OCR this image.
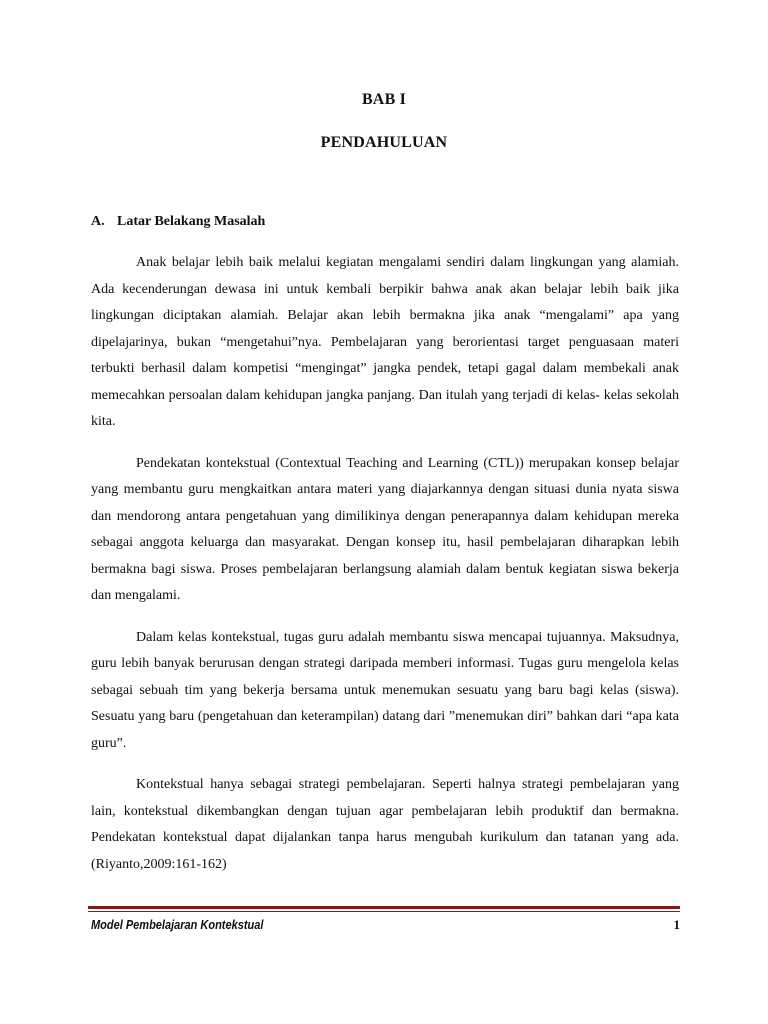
BAB I
PENDAHULUAN
A. Latar Belakang Masalah

Anak belajar lebih baik melalui kegiatan mengalami sendiri dalam lingkungan yang alamiah. Ada kecenderungan dewasa ini untuk kembali berpikir bahwa anak akan belajar lebih baik jika lingkungan diciptakan alamiah. Belajar akan lebih bermakna jika anak “mengalami” apa yang dipelajarinya, bukan “mengetahui”nya. Pembelajaran yang berorientasi target penguasaan materi terbukti berhasil dalam kompetisi “mengingat” jangka pendek, tetapi gagal dalam membekali anak memecahkan persoalan dalam kehidupan jangka panjang. Dan itulah yang terjadi di kelas- kelas sekolah kita.

Pendekatan kontekstual (Contextual Teaching and Learning (CTL)) merupakan konsep belajar yang membantu guru mengkaitkan antara materi yang diajarkannya dengan situasi dunia nyata siswa dan mendorong antara pengetahuan yang dimilikinya dengan penerapannya dalam kehidupan mereka sebagai anggota keluarga dan masyarakat. Dengan konsep itu, hasil pembelajaran diharapkan lebih bermakna bagi siswa. Proses pembelajaran berlangsung alamiah dalam bentuk kegiatan siswa bekerja dan mengalami.

Dalam kelas kontekstual, tugas guru adalah membantu siswa mencapai tujuannya. Maksudnya, guru lebih banyak berurusan dengan strategi daripada memberi informasi. Tugas guru mengelola kelas sebagai sebuah tim yang bekerja bersama untuk menemukan sesuatu yang baru bagi kelas (siswa). Sesuatu yang baru (pengetahuan dan keterampilan) datang dari ”menemukan diri” bahkan dari “apa kata guru”.

Kontekstual hanya sebagai strategi pembelajaran. Seperti halnya strategi pembelajaran yang lain, kontekstual dikembangkan dengan tujuan agar pembelajaran lebih produktif dan bermakna. Pendekatan kontekstual dapat dijalankan tanpa harus mengubah kurikulum dan tatanan yang ada.(Riyanto,2009:161-162)

Model Pembelajaran Kontekstual	1
